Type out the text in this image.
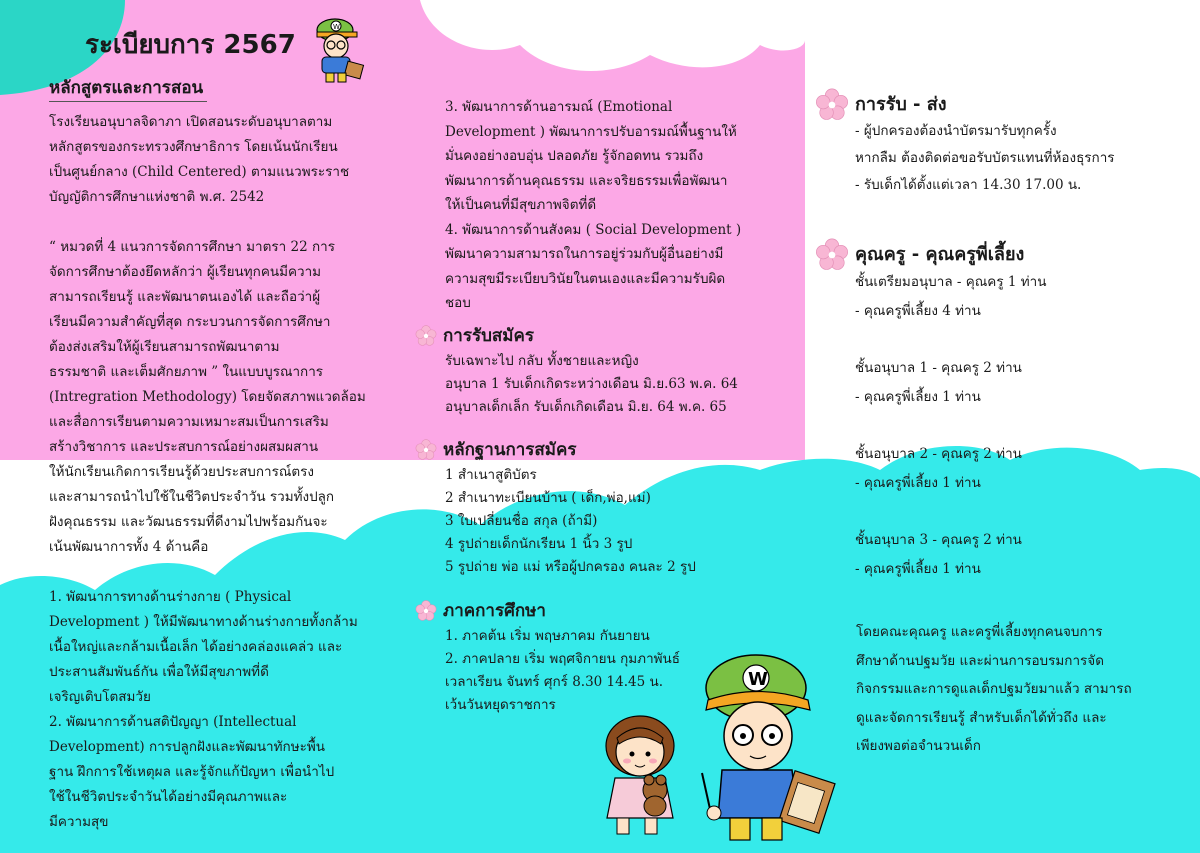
ระเบียบการ 2567
W
หลักสูตรและการสอน

โรงเรียนอนุบาลจิดาภา เปิดสอนระดับอนุบาลตาม

หลักสูตรของกระทรวงศึกษาธิการ โดยเน้นนักเรียน

เป็นศูนย์กลาง (Child Centered) ตามแนวพระราช

บัญญัติการศึกษาแห่งชาติ พ.ศ. 2542

“ หมวดที่ 4 แนวการจัดการศึกษา มาตรา 22 การ

จัดการศึกษาต้องยึดหลักว่า ผู้เรียนทุกคนมีความ

สามารถเรียนรู้ และพัฒนาตนเองได้ และถือว่าผู้

เรียนมีความสำคัญที่สุด กระบวนการจัดการศึกษา

ต้องส่งเสริมให้ผู้เรียนสามารถพัฒนาตาม

ธรรมชาติ และเต็มศักยภาพ ” ในแบบบูรณาการ

(Intregration Methodology) โดยจัดสภาพแวดล้อม

และสื่อการเรียนตามความเหมาะสมเป็นการเสริม

สร้างวิชาการ และประสบการณ์อย่างผสมผสาน

ให้นักเรียนเกิดการเรียนรู้ด้วยประสบการณ์ตรง

และสามารถนำไปใช้ในชีวิตประจำวัน รวมทั้งปลูก

ฝังคุณธรรม และวัฒนธรรมที่ดีงามไปพร้อมกันจะ

เน้นพัฒนาการทั้ง 4 ด้านคือ

1. พัฒนาการทางด้านร่างกาย ( Physical

Development ) ให้มีพัฒนาทางด้านร่างกายทั้งกล้าม

เนื้อใหญ่และกล้ามเนื้อเล็ก ได้อย่างคล่องแคล่ว และ

ประสานสัมพันธ์กัน เพื่อให้มีสุขภาพที่ดี

เจริญเติบโตสมวัย

2. พัฒนาการด้านสติปัญญา (Intellectual

Development) การปลูกฝังและพัฒนาทักษะพื้น

ฐาน ฝึกการใช้เหตุผล และรู้จักแก้ปัญหา เพื่อนำไป

ใช้ในชีวิตประจำวันได้อย่างมีคุณภาพและ

มีความสุข

3. พัฒนาการด้านอารมณ์ (Emotional

Development ) พัฒนาการปรับอารมณ์พื้นฐานให้

มั่นคงอย่างอบอุ่น ปลอดภัย รู้จักอดทน รวมถึง

พัฒนาการด้านคุณธรรม และจริยธรรมเพื่อพัฒนา

ให้เป็นคนที่มีสุขภาพจิตที่ดี

4. พัฒนาการด้านสังคม ( Social Development )

พัฒนาความสามารถในการอยู่ร่วมกับผู้อื่นอย่างมี

ความสุขมีระเบียบวินัยในตนเองและมีความรับผิด

ชอบ

การรับสมัคร

รับเฉพาะไป กลับ ทั้งชายและหญิง

อนุบาล 1 รับเด็กเกิดระหว่างเดือน มิ.ย.63 พ.ค. 64

อนุบาลเด็กเล็ก รับเด็กเกิดเดือน มิ.ย. 64 พ.ค. 65

หลักฐานการสมัคร

1 สำเนาสูติบัตร

2 สำเนาทะเบียนบ้าน ( เด็ก,พ่อ,แม่)

3 ใบเปลี่ยนชื่อ สกุล (ถ้ามี)

4 รูปถ่ายเด็กนักเรียน 1 นิ้ว 3 รูป

5 รูปถ่าย พ่อ แม่ หรือผู้ปกครอง คนละ 2 รูป

ภาคการศึกษา

1. ภาคต้น เริ่ม พฤษภาคม กันยายน

2. ภาคปลาย เริ่ม พฤศจิกายน กุมภาพันธ์

เวลาเรียน จันทร์ ศุกร์ 8.30 14.45 น.

เว้นวันหยุดราชการ

W
การรับ - ส่ง

- ผู้ปกครองต้องนำบัตรมารับทุกครั้ง

หากลืม ต้องติดต่อขอรับบัตรแทนที่ห้องธุรการ

- รับเด็กได้ตั้งแต่เวลา 14.30 17.00 น.

คุณครู - คุณครูพี่เลี้ยง

ชั้นเตรียมอนุบาล - คุณครู 1 ท่าน

- คุณครูพี่เลี้ยง 4 ท่าน

ชั้นอนุบาล 1 - คุณครู 2 ท่าน

- คุณครูพี่เลี้ยง 1 ท่าน

ชั้นอนุบาล 2 - คุณครู 2 ท่าน

- คุณครูพี่เลี้ยง 1 ท่าน

ชั้นอนุบาล 3 - คุณครู 2 ท่าน

- คุณครูพี่เลี้ยง 1 ท่าน

โดยคณะคุณครู และครูพี่เลี้ยงทุกคนจบการ

ศึกษาด้านปฐมวัย และผ่านการอบรมการจัด

กิจกรรมและการดูแลเด็กปฐมวัยมาแล้ว สามารถ

ดูและจัดการเรียนรู้ สำหรับเด็กได้ทั่วถึง และ

เพียงพอต่อจำนวนเด็ก
